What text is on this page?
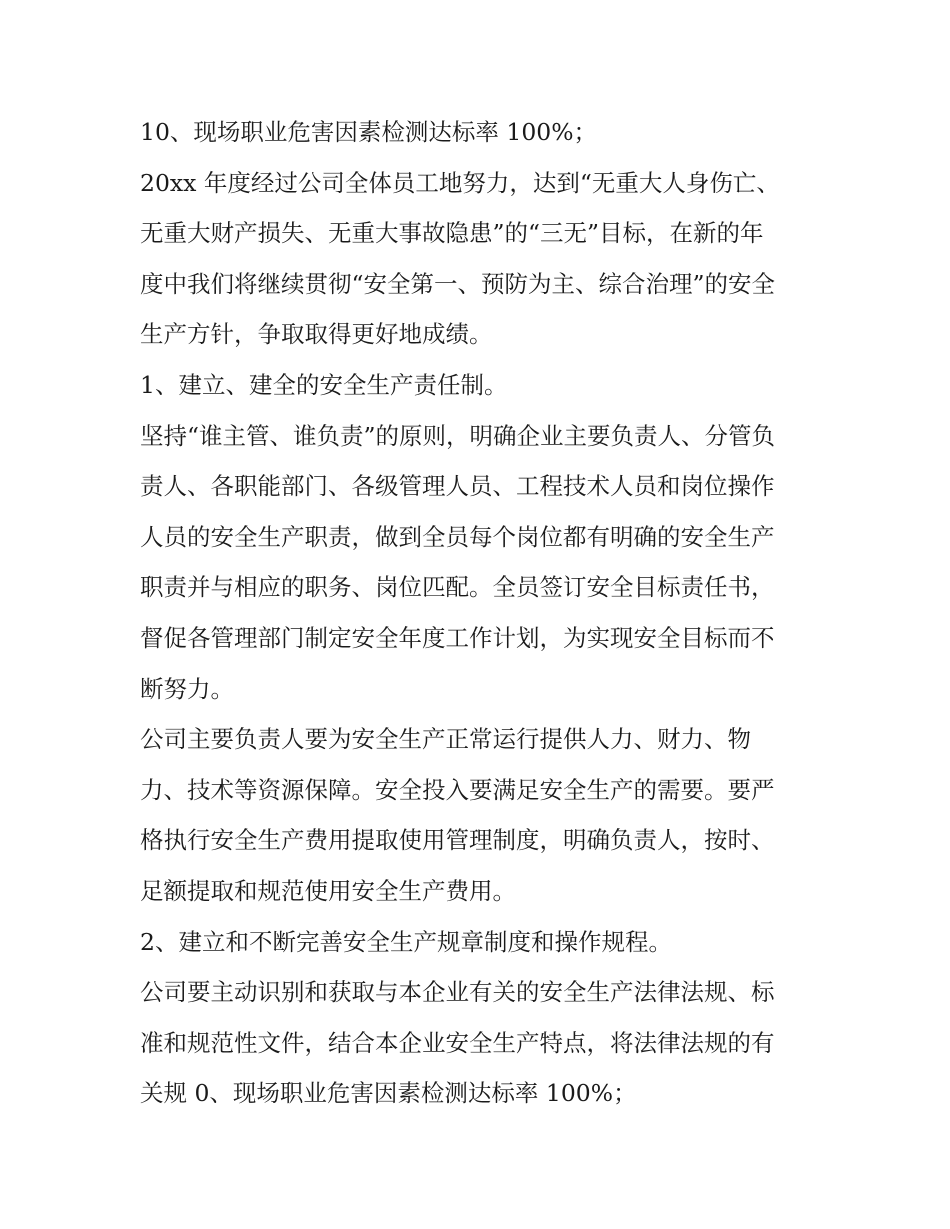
10、现场职业危害因素检测达标率 100%；
20xx 年度经过公司全体员工地努力，达到“无重大人身伤亡、
无重大财产损失、无重大事故隐患”的“三无”目标，在新的年
度中我们将继续贯彻“安全第一、预防为主、综合治理”的安全
生产方针，争取取得更好地成绩。
1、建立、建全的安全生产责任制。
坚持“谁主管、谁负责”的原则，明确企业主要负责人、分管负
责人、各职能部门、各级管理人员、工程技术人员和岗位操作
人员的安全生产职责，做到全员每个岗位都有明确的安全生产
职责并与相应的职务、岗位匹配。全员签订安全目标责任书，
督促各管理部门制定安全年度工作计划，为实现安全目标而不
断努力。
公司主要负责人要为安全生产正常运行提供人力、财力、物
力、技术等资源保障。安全投入要满足安全生产的需要。要严
格执行安全生产费用提取使用管理制度，明确负责人，按时、
足额提取和规范使用安全生产费用。
2、建立和不断完善安全生产规章制度和操作规程。
公司要主动识别和获取与本企业有关的安全生产法律法规、标
准和规范性文件，结合本企业安全生产特点，将法律法规的有
关规 0、现场职业危害因素检测达标率 100%；
